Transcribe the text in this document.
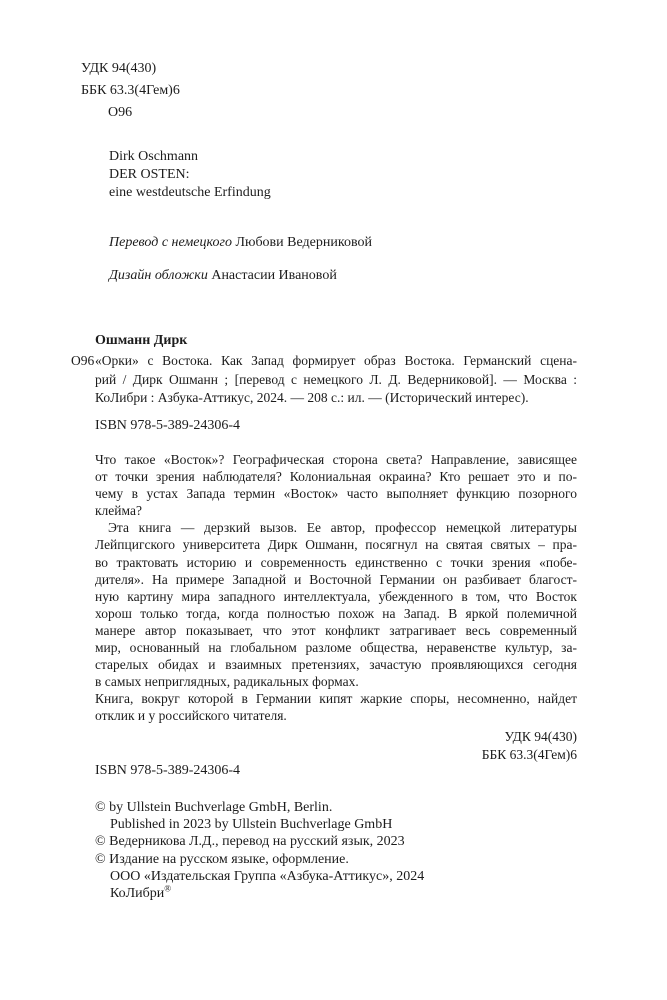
УДК 94(430)
ББК 63.3(4Гем)6
О96
Dirk Oschmann
DER OSTEN:
eine westdeutsche Erfindung
Перевод с немецкого Любови Ведерниковой
Дизайн обложки Анастасии Ивановой
Ошманн Дирк
О96 «Орки» с Востока. Как Запад формирует образ Востока. Германский сцена-
рий / Дирк Ошманн ; [перевод с немецкого Л. Д. Ведерниковой]. — Москва :
КоЛибри : Азбука-Аттикус, 2024. — 208 с.: ил. — (Исторический интерес).
ISBN 978-5-389-24306-4
Что такое «Восток»? Географическая сторона света? Направление, зависящее
от точки зрения наблюдателя? Колониальная окраина? Кто решает это и по-
чему в устах Запада термин «Восток» часто выполняет функцию позорного
клейма?
Эта книга — дерзкий вызов. Ее автор, профессор немецкой литературы
Лейпцигского университета Дирк Ошманн, посягнул на святая святых – пра-
во трактовать историю и современность единственно с точки зрения «побе-
дителя». На примере Западной и Восточной Германии он разбивает благост-
ную картину мира западного интеллектуала, убежденного в том, что Восток
хорош только тогда, когда полностью похож на Запад. В яркой полемичной
манере автор показывает, что этот конфликт затрагивает весь современный
мир, основанный на глобальном разломе общества, неравенстве культур, за-
старелых обидах и взаимных претензиях, зачастую проявляющихся сегодня
в самых неприглядных, радикальных формах.
Книга, вокруг которой в Германии кипят жаркие споры, несомненно, найдет
отклик и у российского читателя.
УДК 94(430)
ББК 63.3(4Гем)6
ISBN 978-5-389-24306-4
© by Ullstein Buchverlage GmbH, Berlin.
Published in 2023 by Ullstein Buchverlage GmbH
© Ведерникова Л.Д., перевод на русский язык, 2023
© Издание на русском языке, оформление.
ООО «Издательская Группа «Азбука-Аттикус», 2024
КоЛибри®
